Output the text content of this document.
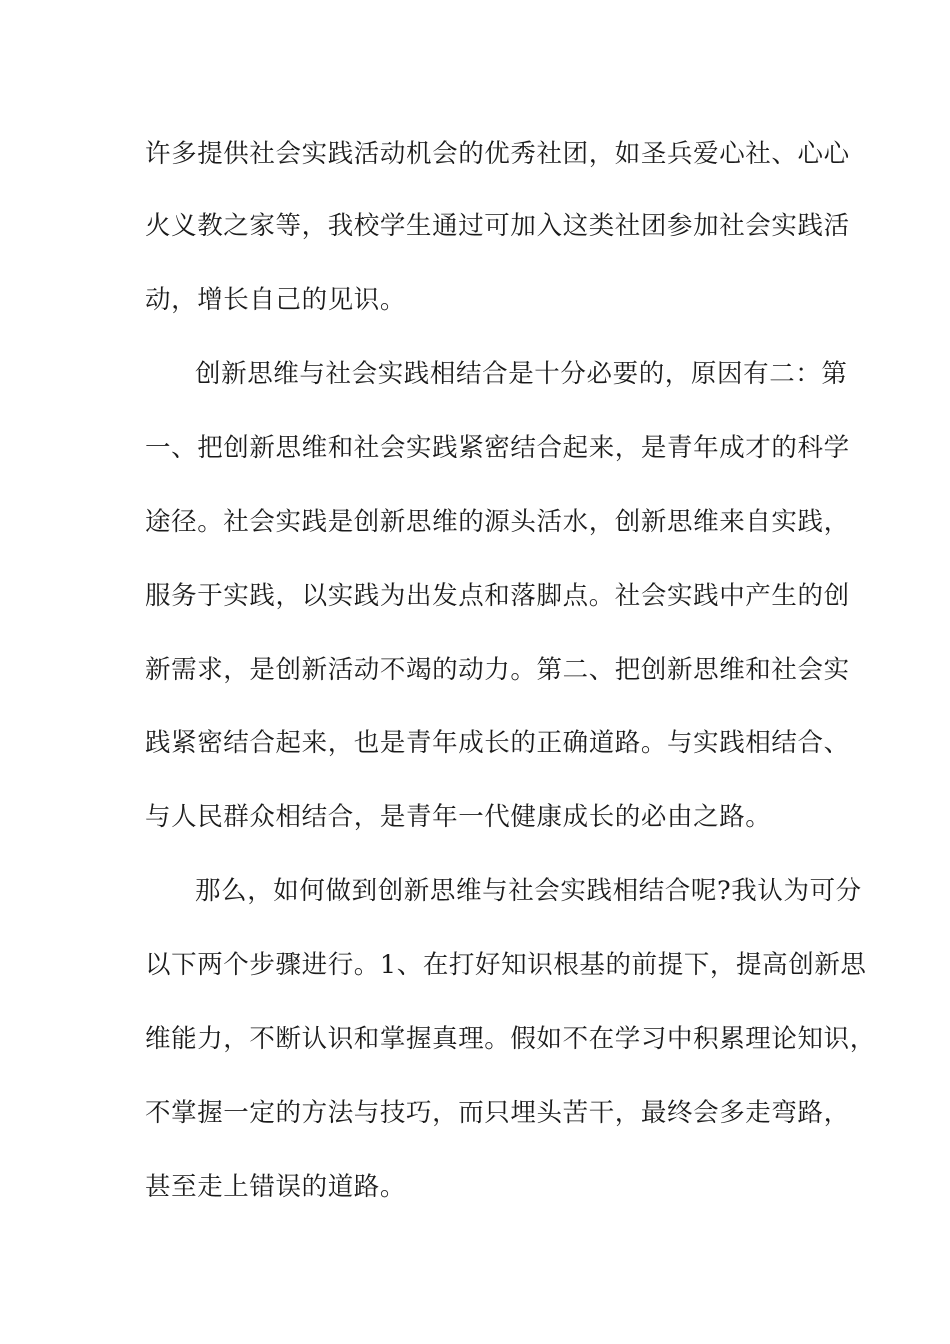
许多提供社会实践活动机会的优秀社团，如圣兵爱心社、心心
火义教之家等，我校学生通过可加入这类社团参加社会实践活
动，增长自己的见识。
创新思维与社会实践相结合是十分必要的，原因有二：第
一、把创新思维和社会实践紧密结合起来，是青年成才的科学
途径。社会实践是创新思维的源头活水，创新思维来自实践，
服务于实践，以实践为出发点和落脚点。社会实践中产生的创
新需求，是创新活动不竭的动力。第二、把创新思维和社会实
践紧密结合起来，也是青年成长的正确道路。与实践相结合、
与人民群众相结合，是青年一代健康成长的必由之路。
那么，如何做到创新思维与社会实践相结合呢?我认为可分
以下两个步骤进行。1、在打好知识根基的前提下，提高创新思
维能力，不断认识和掌握真理。假如不在学习中积累理论知识，
不掌握一定的方法与技巧，而只埋头苦干，最终会多走弯路，
甚至走上错误的道路。
